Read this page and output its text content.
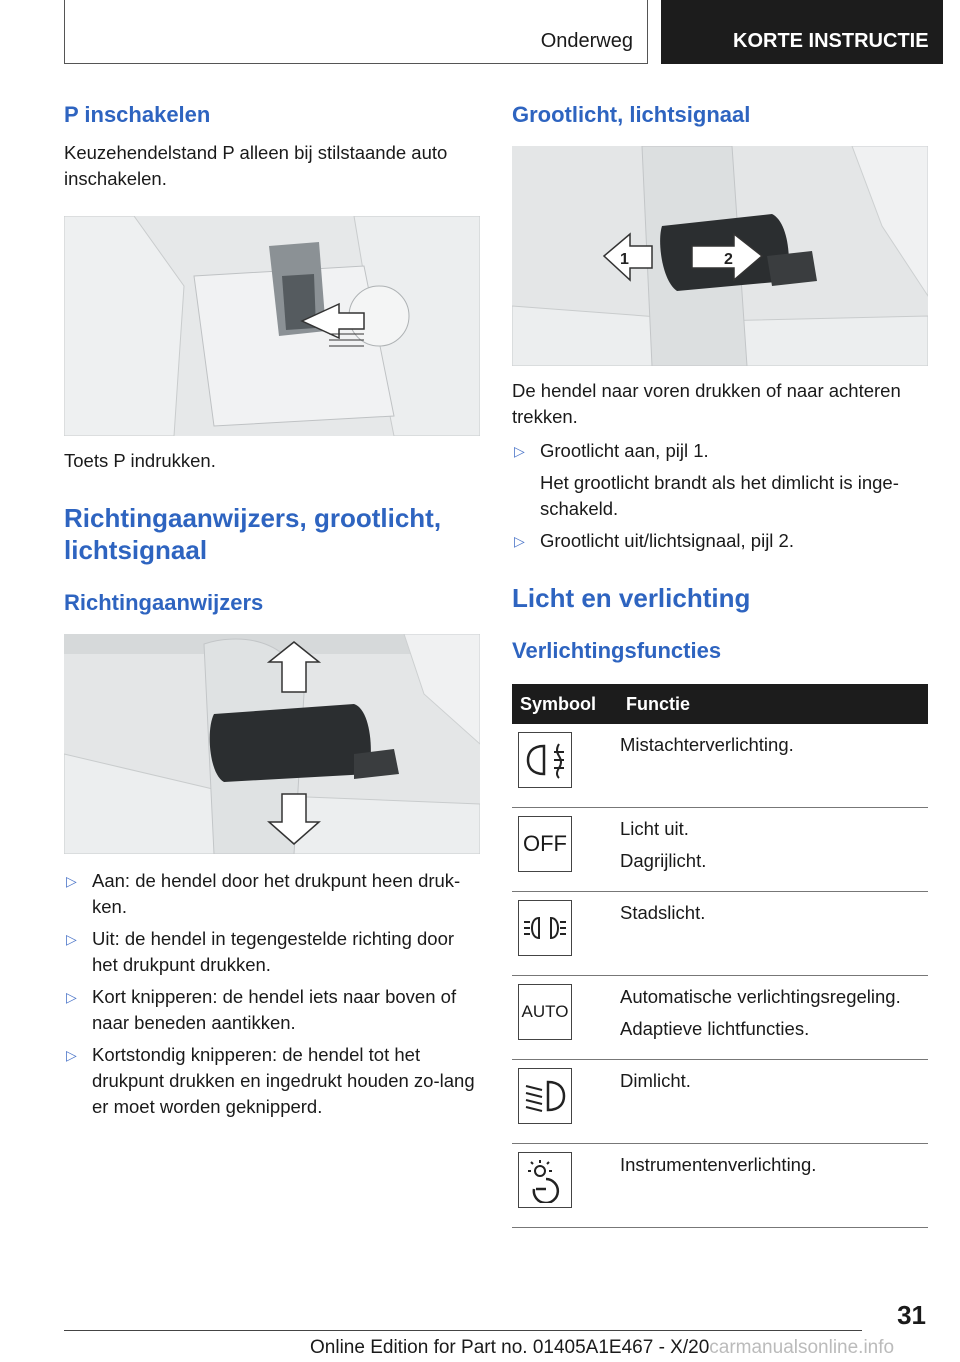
Onderweg	KORTE INSTRUCTIE
P inschakelen

Keuzehendelstand P alleen bij stilstaande auto inschakelen.

Toets P indrukken.

Richtingaanwijzers, grootlicht, lichtsignaal
Richtingaanwijzers
▷ Aan: de hendel door het drukpunt heen druk-ken.
▷ Uit: de hendel in tegengestelde richting door het drukpunt drukken.
▷ Kort knipperen: de hendel iets naar boven of naar beneden aantikken.
▷ Kortstondig knipperen: de hendel tot het drukpunt drukken en ingedrukt houden zo-lang er moet worden geknipperd.
Grootlicht, lichtsignaal
1	2

De hendel naar voren drukken of naar achteren trekken.

▷ Grootlicht aan, pijl 1.
Het grootlicht brandt als het dimlicht is inge-schakeld.
▷ Grootlicht uit/lichtsignaal, pijl 2.
Licht en verlichting
Verlichtingsfuncties
Symbool	Functie

Mistachterverlichting.

OFF	Licht uit.
Dagrijlicht.

Stadslicht.

AUTO	Automatische verlichtingsregeling.
Adaptieve lichtfuncties.

Dimlicht.

Instrumentenverlichting.
31
Online Edition for Part no. 01405A1E467 - X/20carmanualsonline.info
